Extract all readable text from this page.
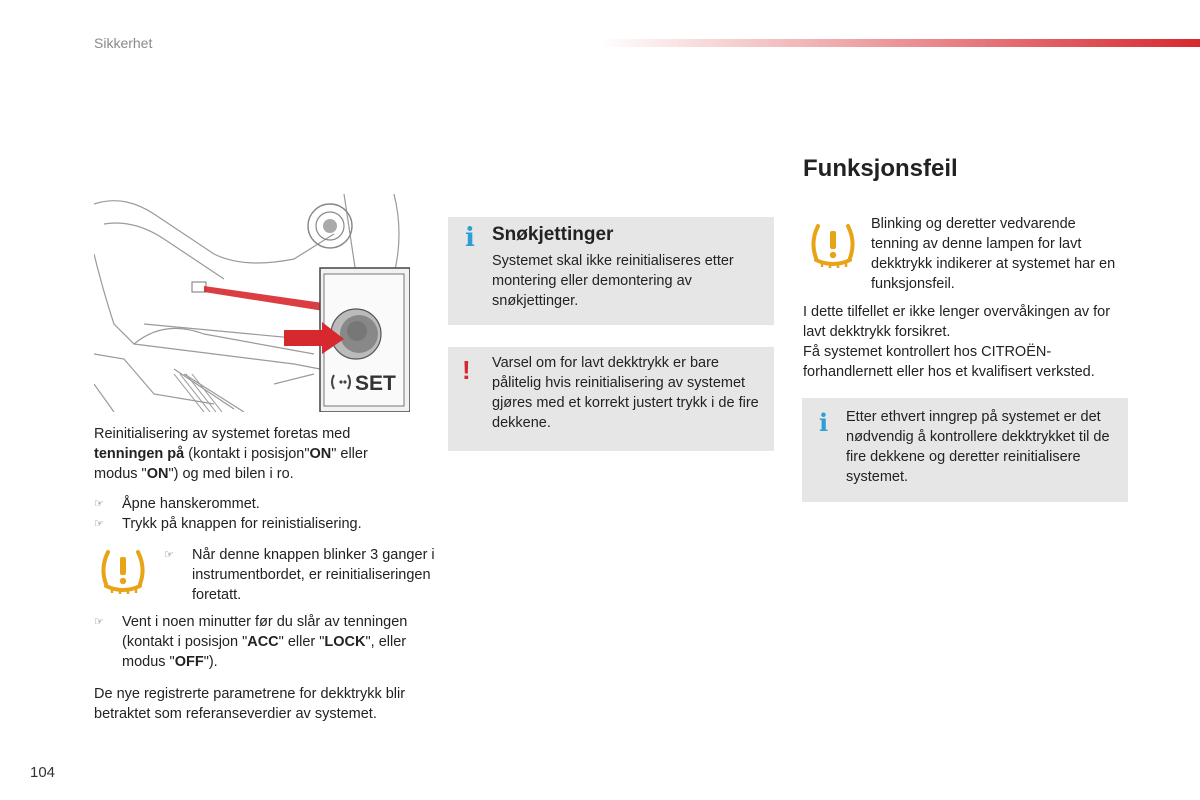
Sikkerhet
SET

Reinitialisering av systemet foretas med tenningen på (kontakt i posisjon"ON" eller modus "ON") og med bilen i ro.

☞ Åpne hanskerommet.
☞ Trykk på knappen for reinistialisering.
☞ Når denne knappen blinker 3 ganger i instrumentbordet, er reinitialiseringen foretatt.
☞ Vent i noen minutter før du slår av tenningen (kontakt i posisjon "ACC" eller "LOCK", eller modus "OFF").

De nye registrerte parametrene for dekktrykk blir betraktet som referanseverdier av systemet.

i Snøkjettinger

Systemet skal ikke reinitialiseres etter montering eller demontering av snøkjettinger.

! Varsel om for lavt dekktrykk er bare pålitelig hvis reinitialisering av systemet gjøres med et korrekt justert trykk i de fire dekkene.

Funksjonsfeil

Blinking og deretter vedvarende tenning av denne lampen for lavt dekktrykk indikerer at systemet har en funksjonsfeil.

I dette tilfellet er ikke lenger overvåkingen av for lavt dekktrykk forsikret.

Få systemet kontrollert hos CITROËN-forhandlernett eller hos et kvalifisert verksted.

i Etter ethvert inngrep på systemet er det nødvendig å kontrollere dekktrykket til de fire dekkene og deretter reinitialisere systemet.

104
